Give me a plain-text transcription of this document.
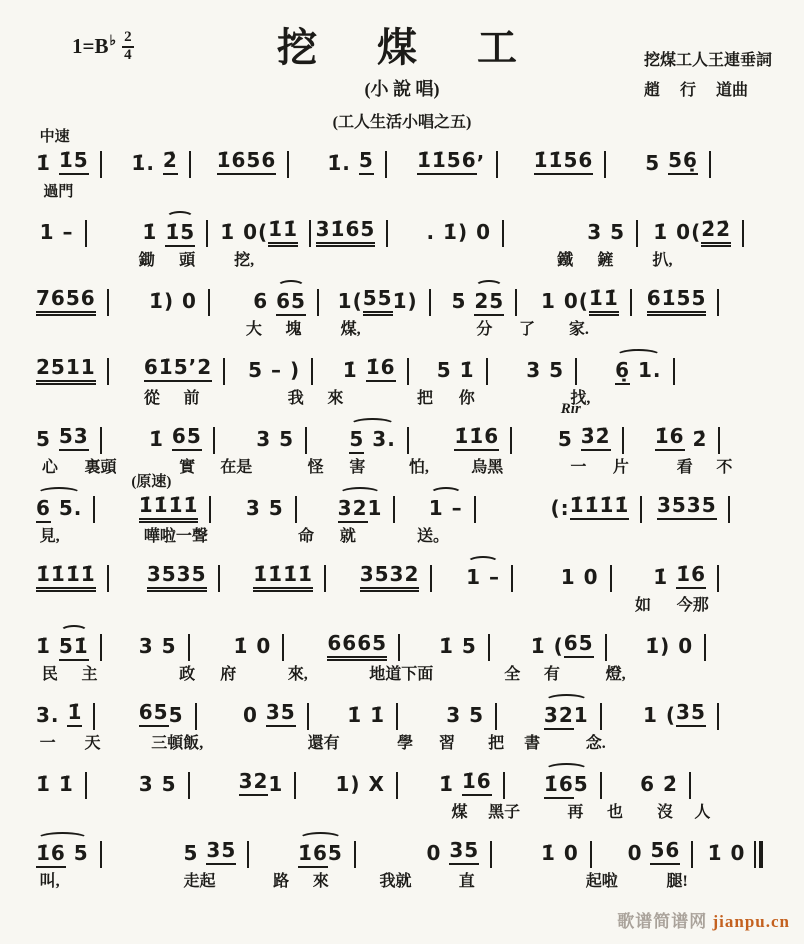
$1=B^♭ \frac{2}{4}$	挖　煤　工
(小 說 唱)
(工人生活小唱之五)
挖煤工人王連垂詞
趙　 行　 道曲
中速
過門
1̇ 1̇5 1̇. 2̇ 1̇6 56	1̇. 5 1̇1̇ 56 ’	1̇1̇ 56	5 56̣
1 –	1̇ 1̇5 1̇ 0( 1̇1̇ 31̇ 65	. 1̇) 0	3 5	1̇ 0( 2̇2̇
鋤 頭 挖,	鐵 鏟 扒,
76 56	1̇) 0	6 65 1( 55 1̇)	5 25 1 0( 1̇1̇ 61̇ 55
大 塊 煤,	分 了 家.
Rir
25 11 61̇5’2 5 – )	1̇ 1̇6 5 1̇	3 5	6̣ 1.
從 前	我 來	把 你	找,
5 53	1̇ 65	3 5	5 3.	1̇1̇ 6	5 3̇2̇ 1̇6 2̇
心 裏頭	實 在是	怪 害	怕,	烏黑	一 片	看 不
(原速)
6 5.	1̇1̇ 1̇1̇ 3 5	321 1 –	(: 1̇1̇ 1̇1̇ 35 35
見,	嘩啦一聲	命 就	送。
1̇1̇ 1̇1̇	35 35 1̇1̇ 1̇1̇ 35 32 1 –	1 0	1̇ 1̇6
如 今那
1̇ 51̇	3 5	1̇ 0	66 65	1̇ 5	1̇ ( 65	1̇) 0
民 主	政 府	來,	地道下面	全 有	燈,
3. 1̇	65 5	0 35	1̇ 1̇	3 5	321	1 ( 35
一 天	三頓飯,	還有	學 習 把 書	念.
1̇ 1̇	3 5	32 1	1) X	1̇ 1̇6	1̇65	6 2̇
煤 黑子	再 也 沒 人
1̇6 5	5 35	1̇65	0 35	1̇ 0	0 56 1̇ 0
叫,	走起	路 來	我就	直	起啦	腿!
歌谱简谱网 jianpu.cn
